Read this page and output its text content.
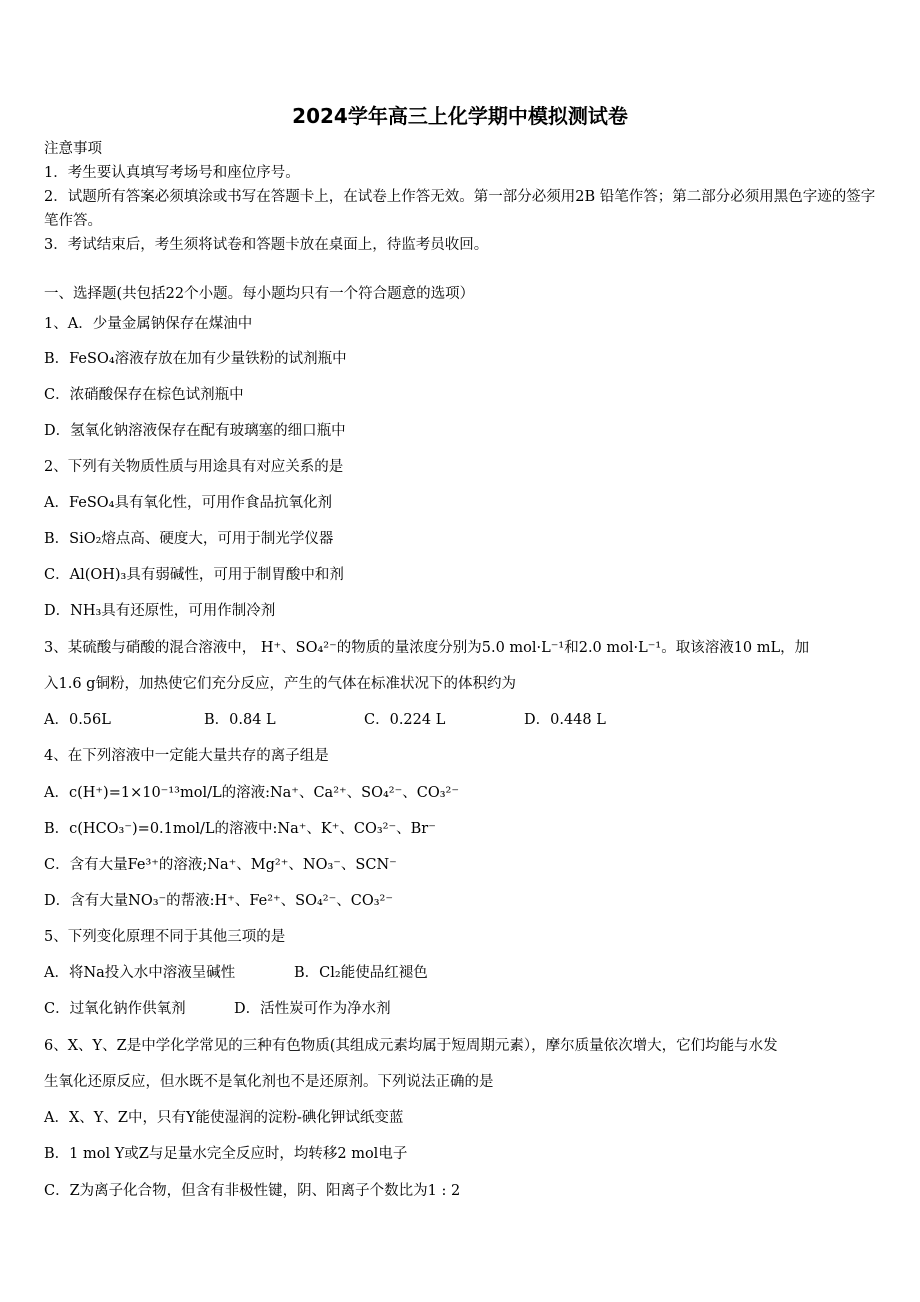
2024学年高三上化学期中模拟测试卷
注意事项
1．考生要认真填写考场号和座位序号。
2．试题所有答案必须填涂或书写在答题卡上，在试卷上作答无效。第一部分必须用2B 铅笔作答；第二部分必须用黑色字迹的签字笔作答。
3．考试结束后，考生须将试卷和答题卡放在桌面上，待监考员收回。
一、选择题(共包括22个小题。每小题均只有一个符合题意的选项）
1、A．少量金属钠保存在煤油中
B．FeSO₄溶液存放在加有少量铁粉的试剂瓶中
C．浓硝酸保存在棕色试剂瓶中
D．氢氧化钠溶液保存在配有玻璃塞的细口瓶中
2、下列有关物质性质与用途具有对应关系的是
A．FeSO₄具有氧化性，可用作食品抗氧化剂
B．SiO₂熔点高、硬度大，可用于制光学仪器
C．Al(OH)₃具有弱碱性，可用于制胃酸中和剂
D．NH₃具有还原性，可用作制冷剂
3、某硫酸与硝酸的混合溶液中， H⁺、SO₄²⁻的物质的量浓度分别为5.0 mol·L⁻¹和2.0 mol·L⁻¹。取该溶液10 mL，加
入1.6 g铜粉，加热使它们充分反应，产生的气体在标准状况下的体积约为
A．0.56L	B．0.84 L	C．0.224 L	D．0.448 L
4、在下列溶液中一定能大量共存的离子组是
A．c(H⁺)=1×10⁻¹³mol/L的溶液:Na⁺、Ca²⁺、SO₄²⁻、CO₃²⁻
B．c(HCO₃⁻)=0.1mol/L的溶液中:Na⁺、K⁺、CO₃²⁻、Br⁻
C．含有大量Fe³⁺的溶液;Na⁺、Mg²⁺、NO₃⁻、SCN⁻
D．含有大量NO₃⁻的帮液:H⁺、Fe²⁺、SO₄²⁻、CO₃²⁻
5、下列变化原理不同于其他三项的是
A．将Na投入水中溶液呈碱性	B．Cl₂能使品红褪色
C．过氧化钠作供氧剂	D．活性炭可作为净水剂
6、X、Y、Z是中学化学常见的三种有色物质(其组成元素均属于短周期元素），摩尔质量依次增大，它们均能与水发
生氧化还原反应，但水既不是氧化剂也不是还原剂。下列说法正确的是
A．X、Y、Z中，只有Y能使湿润的淀粉-碘化钾试纸变蓝
B．1 mol Y或Z与足量水完全反应时，均转移2 mol电子
C．Z为离子化合物，但含有非极性键，阴、阳离子个数比为1 : 2
